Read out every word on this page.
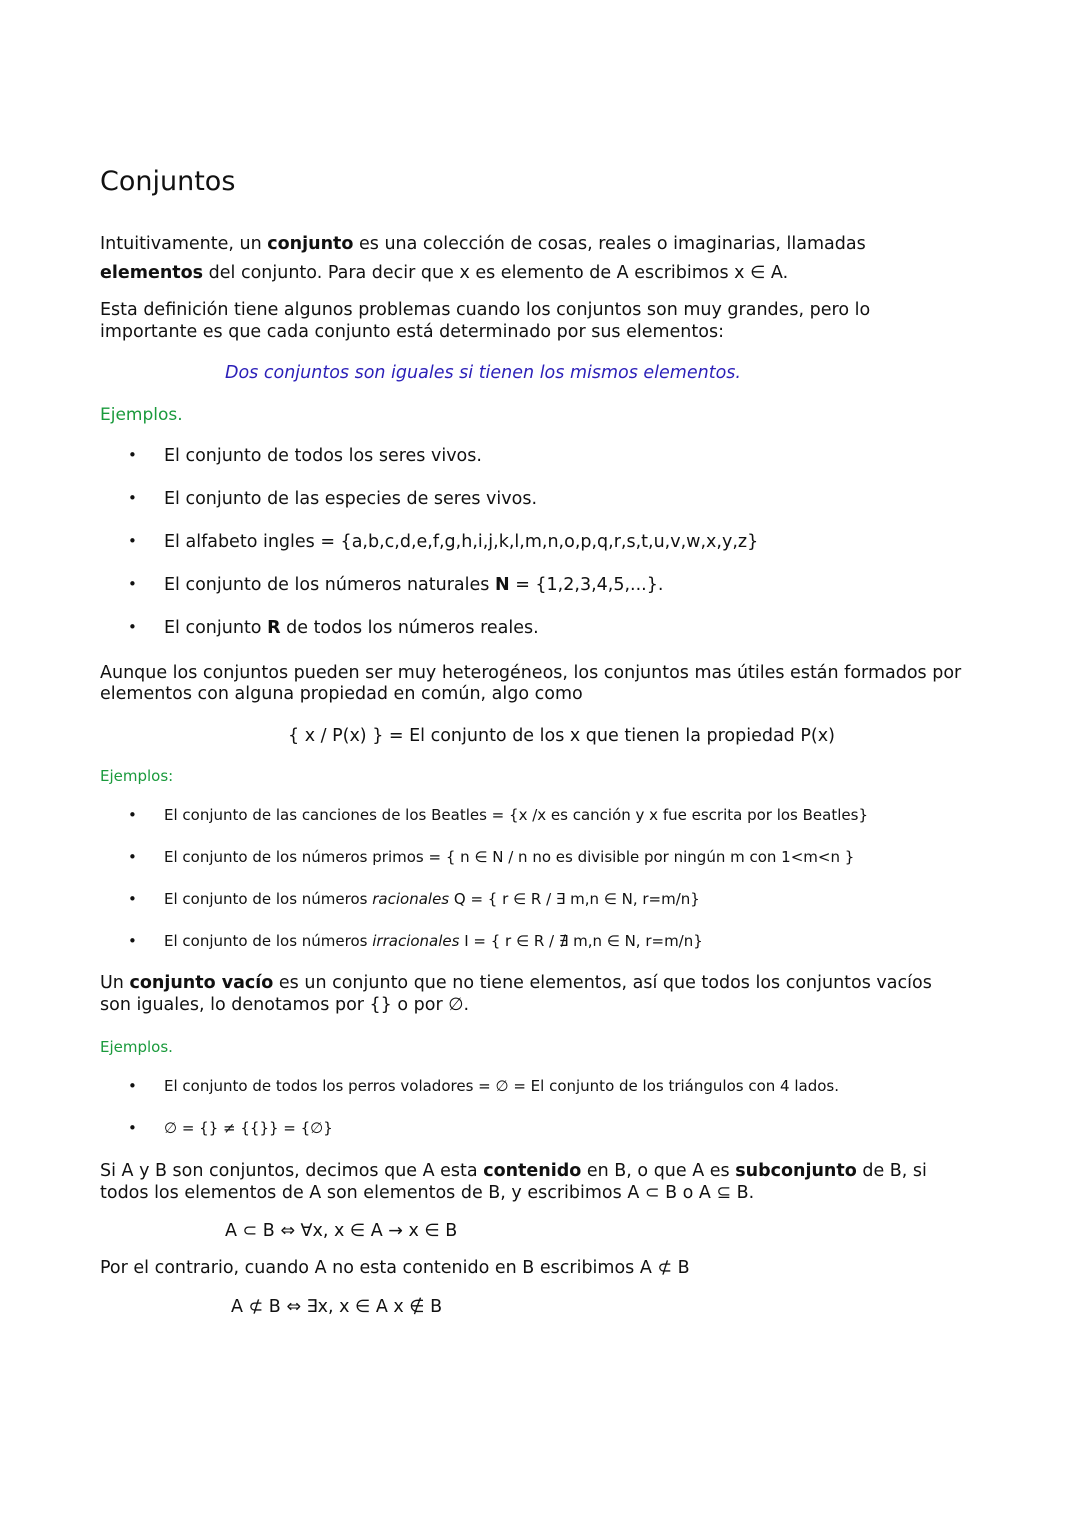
Conjuntos

Intuitivamente, un conjunto es una colección de cosas, reales o imaginarias, llamadas

elementos del conjunto. Para decir que x es elemento de A escribimos x ∈ A.

Esta definición tiene algunos problemas cuando los conjuntos son muy grandes, pero lo

importante es que cada conjunto está determinado por sus elementos:

Dos conjuntos son iguales si tienen los mismos elementos.

Ejemplos.

• El conjunto de todos los seres vivos.
• El conjunto de las especies de seres vivos.
• El alfabeto ingles = {a,b,c,d,e,f,g,h,i,j,k,l,m,n,o,p,q,r,s,t,u,v,w,x,y,z}
• El conjunto de los números naturales N = {1,2,3,4,5,...}.
• El conjunto R de todos los números reales.

Aunque los conjuntos pueden ser muy heterogéneos, los conjuntos mas útiles están formados por

elementos con alguna propiedad en común, algo como

{ x / P(x) } = El conjunto de los x que tienen la propiedad P(x)

Ejemplos:

• El conjunto de las canciones de los Beatles = {x /x es canción y x fue escrita por los Beatles}
• El conjunto de los números primos = { n ∈ N / n no es divisible por ningún m con 1<m<n }
• El conjunto de los números racionales Q = { r ∈ R / ∃ m,n ∈ N, r=m/n}
• El conjunto de los números irracionales I = { r ∈ R / ∄ m,n ∈ N, r=m/n}

Un conjunto vacío es un conjunto que no tiene elementos, así que todos los conjuntos vacíos

son iguales, lo denotamos por {} o por ∅.

Ejemplos.

• El conjunto de todos los perros voladores = ∅ = El conjunto de los triángulos con 4 lados.
• ∅ = {} ≠ {{}} = {∅}

Si A y B son conjuntos, decimos que A esta contenido en B, o que A es subconjunto de B, si

todos los elementos de A son elementos de B, y escribimos A ⊂ B o A ⊆ B.

A ⊂ B ⇔ ∀x, x ∈ A → x ∈ B

Por el contrario, cuando A no esta contenido en B escribimos A ⊄ B

A ⊄ B ⇔ ∃x, x ∈ A x ∉ B
